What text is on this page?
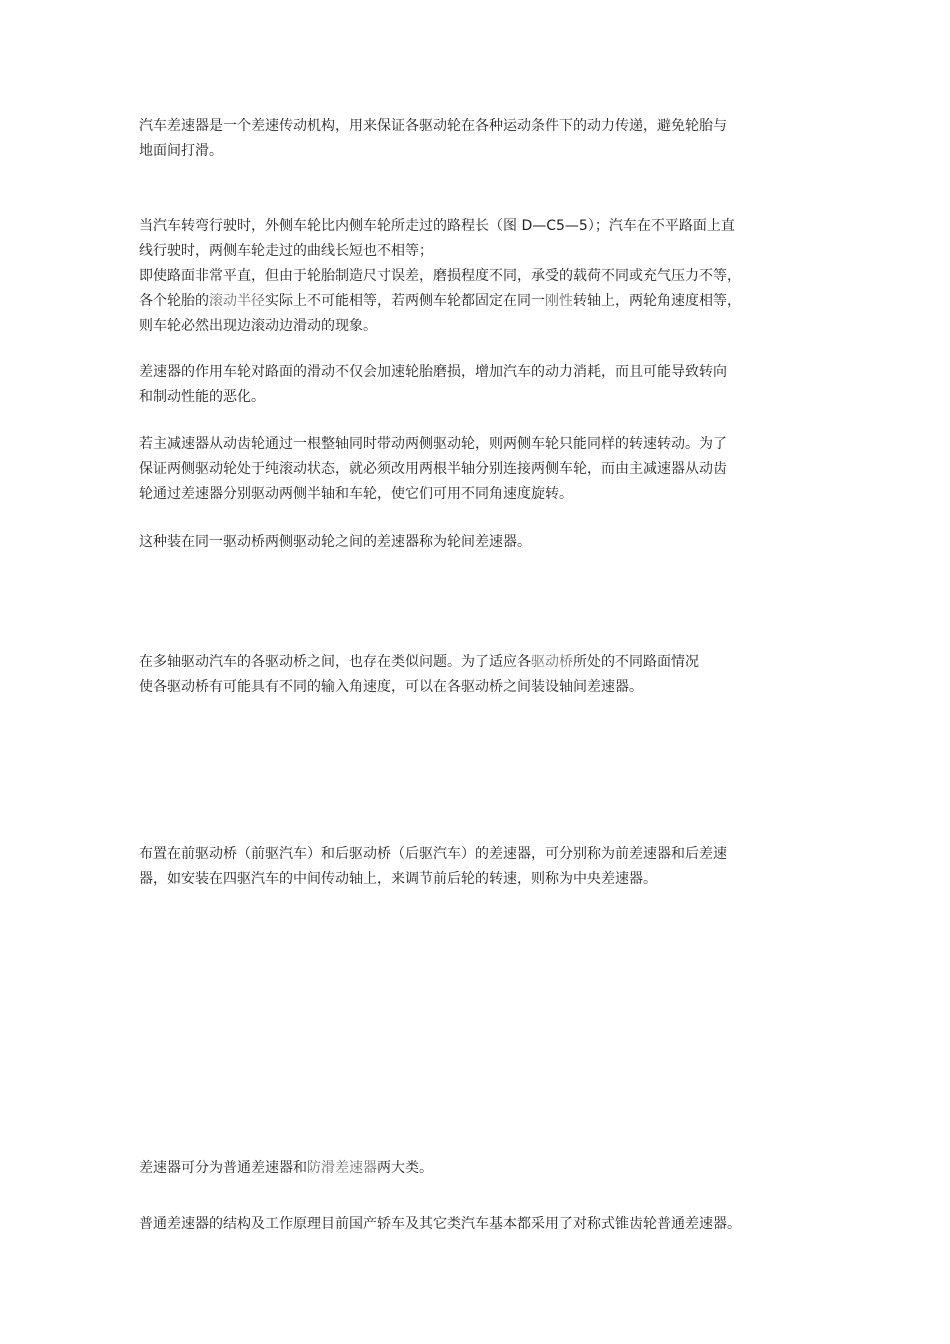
汽车差速器是一个差速传动机构，用来保证各驱动轮在各种运动条件下的动力传递，避免轮胎与
地面间打滑。

当汽车转弯行驶时，外侧车轮比内侧车轮所走过的路程长（图 D—C5—5）；汽车在不平路面上直
线行驶时，两侧车轮走过的曲线长短也不相等；
即使路面非常平直，但由于轮胎制造尺寸误差，磨损程度不同，承受的载荷不同或充气压力不等，
各个轮胎的滚动半径实际上不可能相等，若两侧车轮都固定在同一刚性转轴上，两轮角速度相等，
则车轮必然出现边滚动边滑动的现象。

差速器的作用车轮对路面的滑动不仅会加速轮胎磨损，增加汽车的动力消耗，而且可能导致转向
和制动性能的恶化。

若主减速器从动齿轮通过一根整轴同时带动两侧驱动轮，则两侧车轮只能同样的转速转动。为了
保证两侧驱动轮处于纯滚动状态，就必须改用两根半轴分别连接两侧车轮，而由主减速器从动齿
轮通过差速器分别驱动两侧半轴和车轮，使它们可用不同角速度旋转。

这种装在同一驱动桥两侧驱动轮之间的差速器称为轮间差速器。

在多轴驱动汽车的各驱动桥之间，也存在类似问题。为了适应各驱动桥所处的不同路面情况
使各驱动桥有可能具有不同的输入角速度，可以在各驱动桥之间装设轴间差速器。

布置在前驱动桥（前驱汽车）和后驱动桥（后驱汽车）的差速器，可分别称为前差速器和后差速
器，如安装在四驱汽车的中间传动轴上，来调节前后轮的转速，则称为中央差速器。

差速器可分为普通差速器和防滑差速器两大类。

普通差速器的结构及工作原理目前国产轿车及其它类汽车基本都采用了对称式锥齿轮普通差速器。
